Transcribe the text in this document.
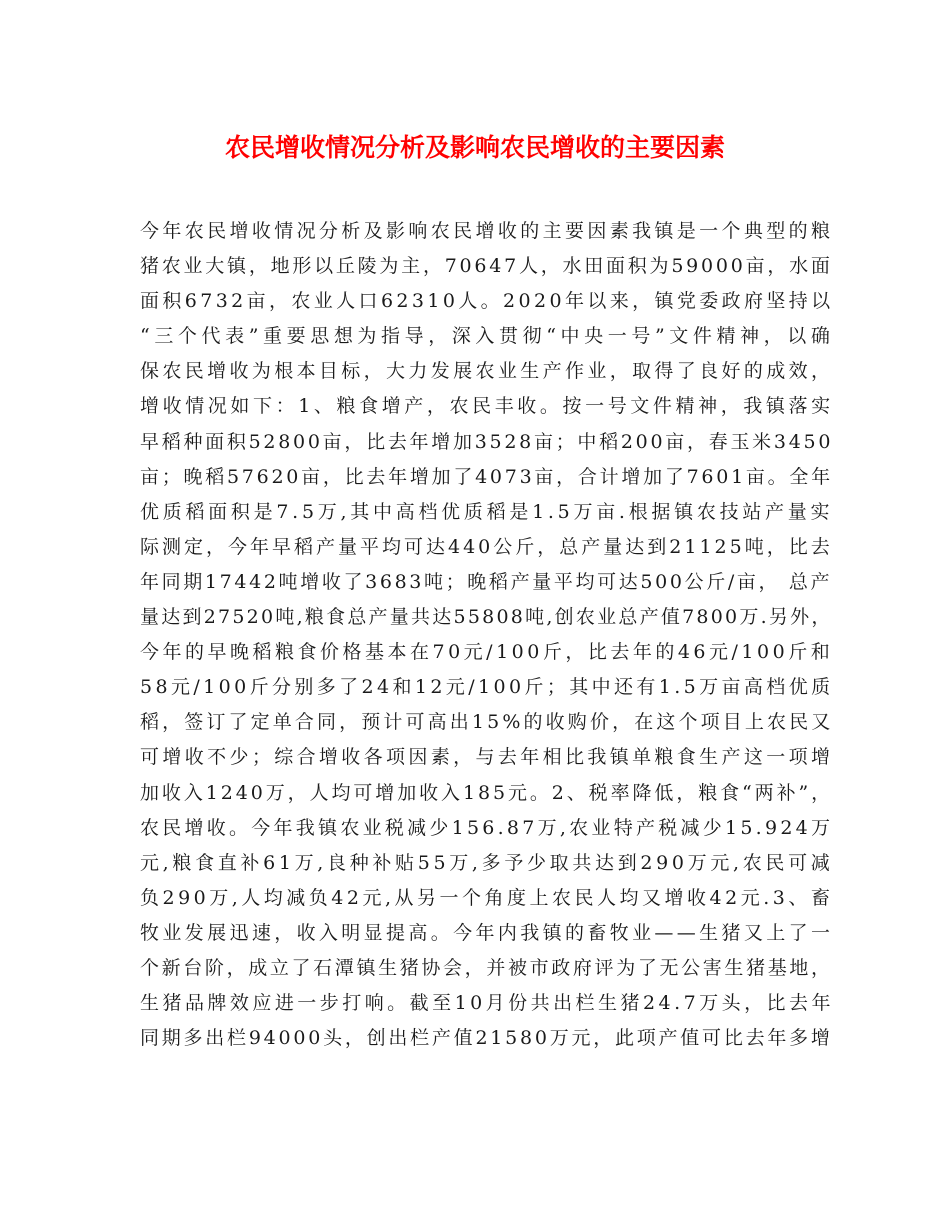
农民增收情况分析及影响农民增收的主要因素
今年农民增收情况分析及影响农民增收的主要因素我镇是一个典型的粮
猪农业大镇，地形以丘陵为主，70647人，水田面积为59000亩，水面
面积6732亩，农业人口62310人。2020年以来，镇党委政府坚持以
“三个代表”重要思想为指导，深入贯彻“中央一号”文件精神，以确
保农民增收为根本目标，大力发展农业生产作业，取得了良好的成效，
增收情况如下：1、粮食增产，农民丰收。按一号文件精神，我镇落实
早稻种面积52800亩，比去年增加3528亩；中稻200亩，春玉米3450
亩；晚稻57620亩，比去年增加了4073亩，合计增加了7601亩。全年
优质稻面积是7.5万,其中高档优质稻是1.5万亩.根据镇农技站产量实
际测定，今年早稻产量平均可达440公斤，总产量达到21125吨，比去
年同期17442吨增收了3683吨；晚稻产量平均可达500公斤/亩， 总产
量达到27520吨,粮食总产量共达55808吨,创农业总产值7800万.另外，
今年的早晚稻粮食价格基本在70元/100斤，比去年的46元/100斤和
58元/100斤分别多了24和12元/100斤；其中还有1.5万亩高档优质
稻，签订了定单合同，预计可高出15%的收购价，在这个项目上农民又
可增收不少；综合增收各项因素，与去年相比我镇单粮食生产这一项增
加收入1240万，人均可增加收入185元。2、税率降低，粮食“两补”，
农民增收。今年我镇农业税减少156.87万,农业特产税减少15.924万
元,粮食直补61万,良种补贴55万,多予少取共达到290万元,农民可减
负290万,人均减负42元,从另一个角度上农民人均又增收42元.3、畜
牧业发展迅速，收入明显提高。今年内我镇的畜牧业——生猪又上了一
个新台阶，成立了石潭镇生猪协会，并被市政府评为了无公害生猪基地，
生猪品牌效应进一步打响。截至10月份共出栏生猪24.7万头，比去年
同期多出栏94000头，创出栏产值21580万元，此项产值可比去年多增
